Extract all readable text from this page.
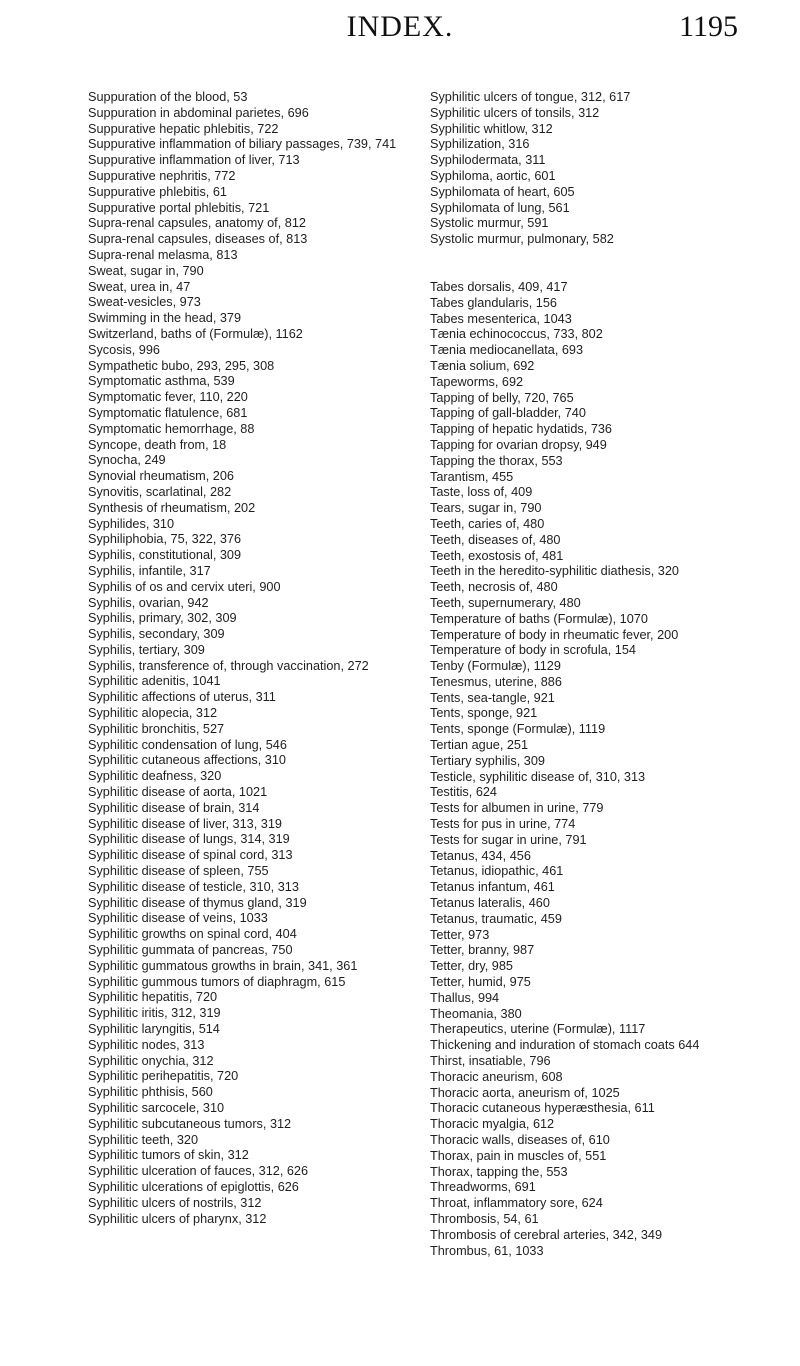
INDEX.	1195
Suppuration of the blood, 53
Suppuration in abdominal parietes, 696
Suppurative hepatic phlebitis, 722
Suppurative inflammation of biliary passages, 739, 741
Suppurative inflammation of liver, 713
Suppurative nephritis, 772
Suppurative phlebitis, 61
Suppurative portal phlebitis, 721
Supra-renal capsules, anatomy of, 812
Supra-renal capsules, diseases of, 813
Supra-renal melasma, 813
Sweat, sugar in, 790
Sweat, urea in, 47
Sweat-vesicles, 973
Swimming in the head, 379
Switzerland, baths of (Formulæ), 1162
Sycosis, 996
Sympathetic bubo, 293, 295, 308
Symptomatic asthma, 539
Symptomatic fever, 110, 220
Symptomatic flatulence, 681
Symptomatic hemorrhage, 88
Syncope, death from, 18
Synocha, 249
Synovial rheumatism, 206
Synovitis, scarlatinal, 282
Synthesis of rheumatism, 202
Syphilides, 310
Syphiliphobia, 75, 322, 376
Syphilis, constitutional, 309
Syphilis, infantile, 317
Syphilis of os and cervix uteri, 900
Syphilis, ovarian, 942
Syphilis, primary, 302, 309
Syphilis, secondary, 309
Syphilis, tertiary, 309
Syphilis, transference of, through vaccination, 272
Syphilitic adenitis, 1041
Syphilitic affections of uterus, 311
Syphilitic alopecia, 312
Syphilitic bronchitis, 527
Syphilitic condensation of lung, 546
Syphilitic cutaneous affections, 310
Syphilitic deafness, 320
Syphilitic disease of aorta, 1021
Syphilitic disease of brain, 314
Syphilitic disease of liver, 313, 319
Syphilitic disease of lungs, 314, 319
Syphilitic disease of spinal cord, 313
Syphilitic disease of spleen, 755
Syphilitic disease of testicle, 310, 313
Syphilitic disease of thymus gland, 319
Syphilitic disease of veins, 1033
Syphilitic growths on spinal cord, 404
Syphilitic gummata of pancreas, 750
Syphilitic gummatous growths in brain, 341, 361
Syphilitic gummous tumors of diaphragm, 615
Syphilitic hepatitis, 720
Syphilitic iritis, 312, 319
Syphilitic laryngitis, 514
Syphilitic nodes, 313
Syphilitic onychia, 312
Syphilitic perihepatitis, 720
Syphilitic phthisis, 560
Syphilitic sarcocele, 310
Syphilitic subcutaneous tumors, 312
Syphilitic teeth, 320
Syphilitic tumors of skin, 312
Syphilitic ulceration of fauces, 312, 626
Syphilitic ulcerations of epiglottis, 626
Syphilitic ulcers of nostrils, 312
Syphilitic ulcers of pharynx, 312
Syphilitic ulcers of tongue, 312, 617
Syphilitic ulcers of tonsils, 312
Syphilitic whitlow, 312
Syphilization, 316
Syphilodermata, 311
Syphiloma, aortic, 601
Syphilomata of heart, 605
Syphilomata of lung, 561
Systolic murmur, 591
Systolic murmur, pulmonary, 582
Tabes dorsalis, 409, 417
Tabes glandularis, 156
Tabes mesenterica, 1043
Tænia echinococcus, 733, 802
Tænia mediocanellata, 693
Tænia solium, 692
Tapeworms, 692
Tapping of belly, 720, 765
Tapping of gall-bladder, 740
Tapping of hepatic hydatids, 736
Tapping for ovarian dropsy, 949
Tapping the thorax, 553
Tarantism, 455
Taste, loss of, 409
Tears, sugar in, 790
Teeth, caries of, 480
Teeth, diseases of, 480
Teeth, exostosis of, 481
Teeth in the heredito-syphilitic diathesis, 320
Teeth, necrosis of, 480
Teeth, supernumerary, 480
Temperature of baths (Formulæ), 1070
Temperature of body in rheumatic fever, 200
Temperature of body in scrofula, 154
Tenby (Formulæ), 1129
Tenesmus, uterine, 886
Tents, sea-tangle, 921
Tents, sponge, 921
Tents, sponge (Formulæ), 1119
Tertian ague, 251
Tertiary syphilis, 309
Testicle, syphilitic disease of, 310, 313
Testitis, 624
Tests for albumen in urine, 779
Tests for pus in urine, 774
Tests for sugar in urine, 791
Tetanus, 434, 456
Tetanus, idiopathic, 461
Tetanus infantum, 461
Tetanus lateralis, 460
Tetanus, traumatic, 459
Tetter, 973
Tetter, branny, 987
Tetter, dry, 985
Tetter, humid, 975
Thallus, 994
Theomania, 380
Therapeutics, uterine (Formulæ), 1117
Thickening and induration of stomach coats 644
Thirst, insatiable, 796
Thoracic aneurism, 608
Thoracic aorta, aneurism of, 1025
Thoracic cutaneous hyperæsthesia, 611
Thoracic myalgia, 612
Thoracic walls, diseases of, 610
Thorax, pain in muscles of, 551
Thorax, tapping the, 553
Threadworms, 691
Throat, inflammatory sore, 624
Thrombosis, 54, 61
Thrombosis of cerebral arteries, 342, 349
Thrombus, 61, 1033
